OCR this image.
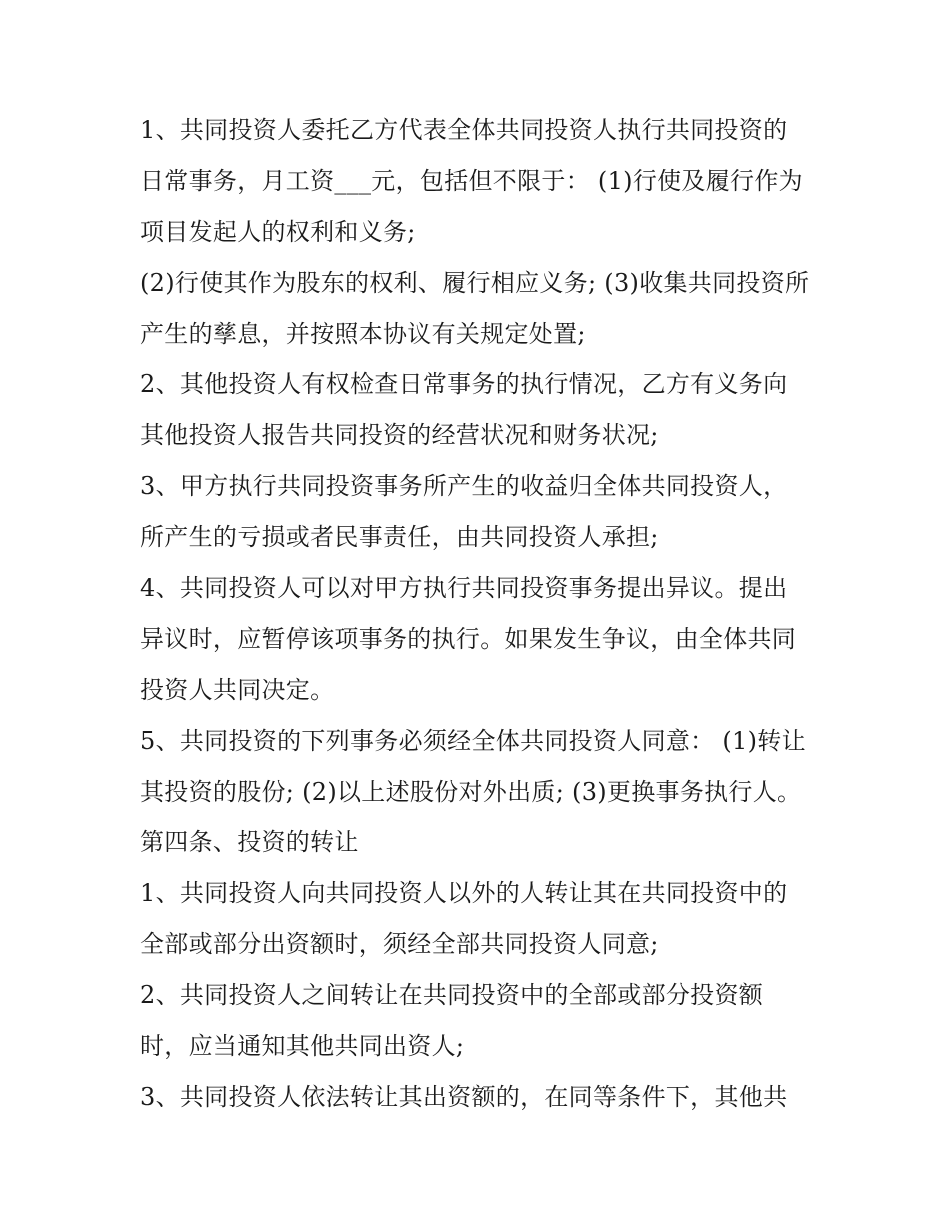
1、共同投资人委托乙方代表全体共同投资人执行共同投资的
日常事务，月工资___元，包括但不限于： (1)行使及履行作为
项目发起人的权利和义务;
(2)行使其作为股东的权利、履行相应义务; (3)收集共同投资所
产生的孳息，并按照本协议有关规定处置;
2、其他投资人有权检查日常事务的执行情况，乙方有义务向
其他投资人报告共同投资的经营状况和财务状况;
3、甲方执行共同投资事务所产生的收益归全体共同投资人，
所产生的亏损或者民事责任，由共同投资人承担;
4、共同投资人可以对甲方执行共同投资事务提出异议。提出
异议时，应暂停该项事务的执行。如果发生争议，由全体共同
投资人共同决定。
5、共同投资的下列事务必须经全体共同投资人同意： (1)转让
其投资的股份; (2)以上述股份对外出质; (3)更换事务执行人。
第四条、投资的转让
1、共同投资人向共同投资人以外的人转让其在共同投资中的
全部或部分出资额时，须经全部共同投资人同意;
2、共同投资人之间转让在共同投资中的全部或部分投资额
时，应当通知其他共同出资人;
3、共同投资人依法转让其出资额的，在同等条件下，其他共
